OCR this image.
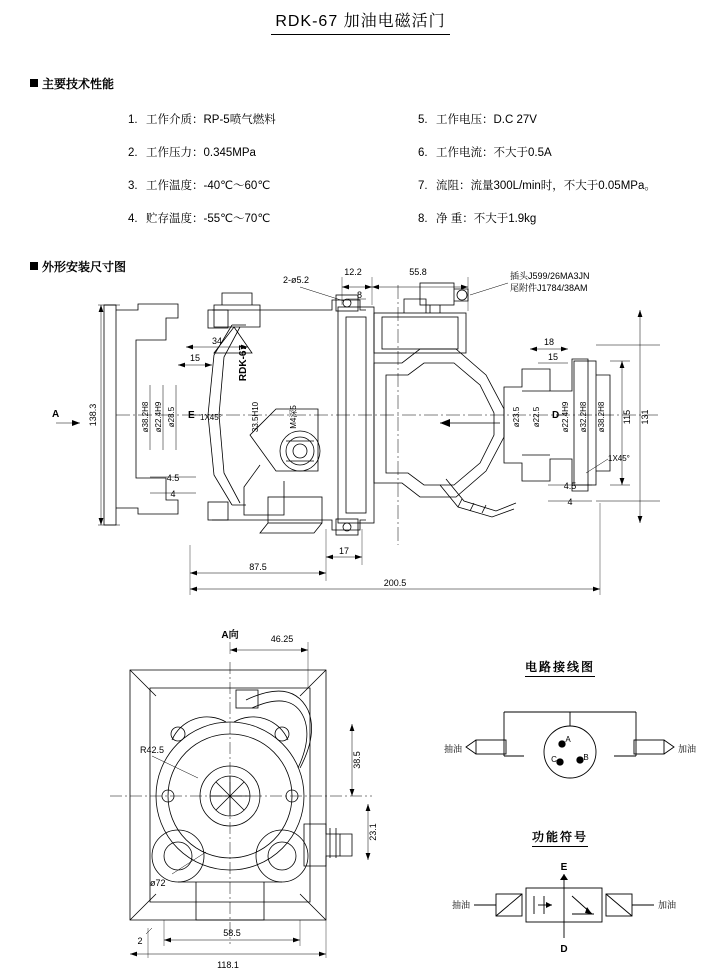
RDK-67 加油电磁活门
主要技术性能
1. 工作介质：RP-5喷气燃料
2. 工作压力：0.345MPa
3. 工作温度：-40℃～60℃
4. 贮存温度：-55℃～70℃
5. 工作电压：D.C 27V
6. 工作电流：不大于0.5A
7. 流阻：流量300L/min时，不大于0.05MPa。
8. 净 重：不大于1.9kg
外形安装尺寸图
2-ø5.2
12.2
8
55.8	插头J599/26MA3JN
尾附件J1784/38AM
A	E	D
RDK-67
138.3	ø38.2H8 ø22.4H9 ø28.5
34
15
1X45°	33.5H10	M4深5
4.5
4
18
15
131
115
ø23.5 ø22.5	ø22.4H9 ø32.2H8 ø38.2H8
1X45°
4.5
4
87.5
17
200.5
A向	46.25
R42.5
38.5
23.1
ø72
2
58.5
118.1
电路接线图
A
C	B
抽油	加油
功能符号
E
D
抽油	加油
